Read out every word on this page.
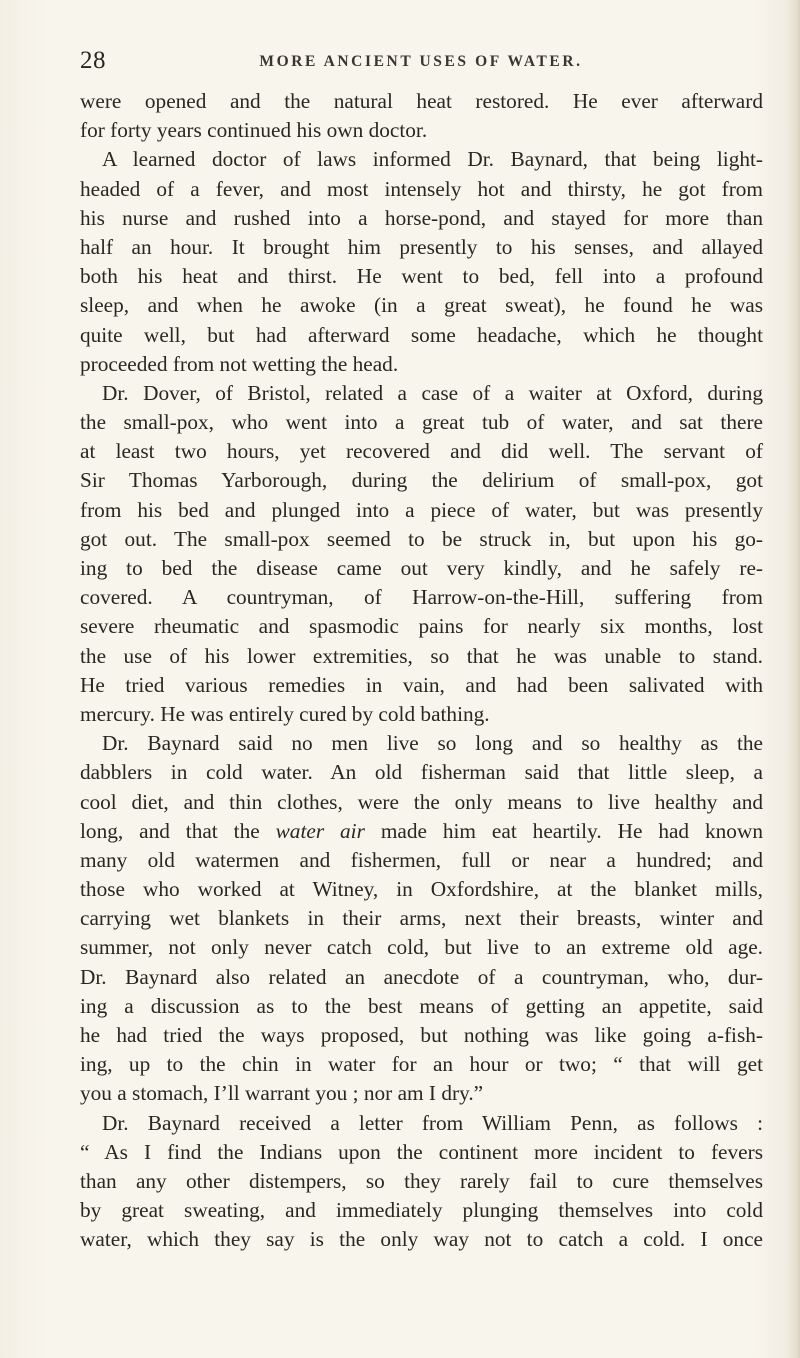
28	MORE ANCIENT USES OF WATER.
were opened and the natural heat restored. He ever afterward
for forty years continued his own doctor.
A learned doctor of laws informed Dr. Baynard, that being light-
headed of a fever, and most intensely hot and thirsty, he got from
his nurse and rushed into a horse-pond, and stayed for more than
half an hour. It brought him presently to his senses, and allayed
both his heat and thirst. He went to bed, fell into a profound
sleep, and when he awoke (in a great sweat), he found he was
quite well, but had afterward some headache, which he thought
proceeded from not wetting the head.
Dr. Dover, of Bristol, related a case of a waiter at Oxford, during
the small-pox, who went into a great tub of water, and sat there
at least two hours, yet recovered and did well. The servant of
Sir Thomas Yarborough, during the delirium of small-pox, got
from his bed and plunged into a piece of water, but was presently
got out. The small-pox seemed to be struck in, but upon his go-
ing to bed the disease came out very kindly, and he safely re-
covered. A countryman, of Harrow-on-the-Hill, suffering from
severe rheumatic and spasmodic pains for nearly six months, lost
the use of his lower extremities, so that he was unable to stand.
He tried various remedies in vain, and had been salivated with
mercury. He was entirely cured by cold bathing.
Dr. Baynard said no men live so long and so healthy as the
dabblers in cold water. An old fisherman said that little sleep, a
cool diet, and thin clothes, were the only means to live healthy and
long, and that the water air made him eat heartily. He had known
many old watermen and fishermen, full or near a hundred; and
those who worked at Witney, in Oxfordshire, at the blanket mills,
carrying wet blankets in their arms, next their breasts, winter and
summer, not only never catch cold, but live to an extreme old age.
Dr. Baynard also related an anecdote of a countryman, who, dur-
ing a discussion as to the best means of getting an appetite, said
he had tried the ways proposed, but nothing was like going a-fish-
ing, up to the chin in water for an hour or two; “ that will get
you a stomach, I’ll warrant you ; nor am I dry.”
Dr. Baynard received a letter from William Penn, as follows :
“ As I find the Indians upon the continent more incident to fevers
than any other distempers, so they rarely fail to cure themselves
by great sweating, and immediately plunging themselves into cold
water, which they say is the only way not to catch a cold. I once
